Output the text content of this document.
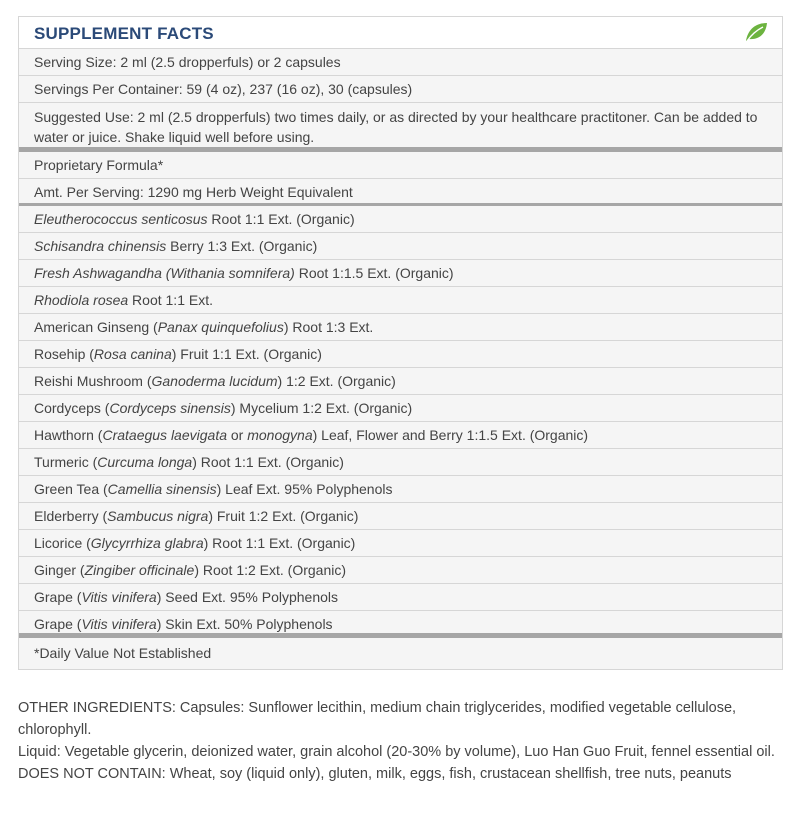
SUPPLEMENT FACTS
Serving Size: 2 ml (2.5 dropperfuls) or 2 capsules
Servings Per Container: 59 (4 oz), 237 (16 oz), 30 (capsules)
Suggested Use: 2 ml (2.5 dropperfuls) two times daily, or as directed by your healthcare practitoner. Can be added to water or juice. Shake liquid well before using.
Proprietary Formula*
Amt. Per Serving: 1290 mg Herb Weight Equivalent
Eleutherococcus senticosus Root 1:1 Ext. (Organic)
Schisandra chinensis Berry 1:3 Ext. (Organic)
Fresh Ashwagandha (Withania somnifera) Root 1:1.5 Ext. (Organic)
Rhodiola rosea Root 1:1 Ext.
American Ginseng (Panax quinquefolius) Root 1:3 Ext.
Rosehip (Rosa canina) Fruit 1:1 Ext. (Organic)
Reishi Mushroom (Ganoderma lucidum) 1:2 Ext. (Organic)
Cordyceps (Cordyceps sinensis) Mycelium 1:2 Ext. (Organic)
Hawthorn (Crataegus laevigata or monogyna) Leaf, Flower and Berry 1:1.5 Ext. (Organic)
Turmeric (Curcuma longa) Root 1:1 Ext. (Organic)
Green Tea (Camellia sinensis) Leaf Ext. 95% Polyphenols
Elderberry (Sambucus nigra) Fruit 1:2 Ext. (Organic)
Licorice (Glycyrrhiza glabra) Root 1:1 Ext. (Organic)
Ginger (Zingiber officinale) Root 1:2 Ext. (Organic)
Grape (Vitis vinifera) Seed Ext. 95% Polyphenols
Grape (Vitis vinifera) Skin Ext. 50% Polyphenols
*Daily Value Not Established

OTHER INGREDIENTS: Capsules: Sunflower lecithin, medium chain triglycerides, modified vegetable cellulose, chlorophyll.

Liquid: Vegetable glycerin, deionized water, grain alcohol (20-30% by volume), Luo Han Guo Fruit, fennel essential oil.

DOES NOT CONTAIN: Wheat, soy (liquid only), gluten, milk, eggs, fish, crustacean shellfish, tree nuts, peanuts
